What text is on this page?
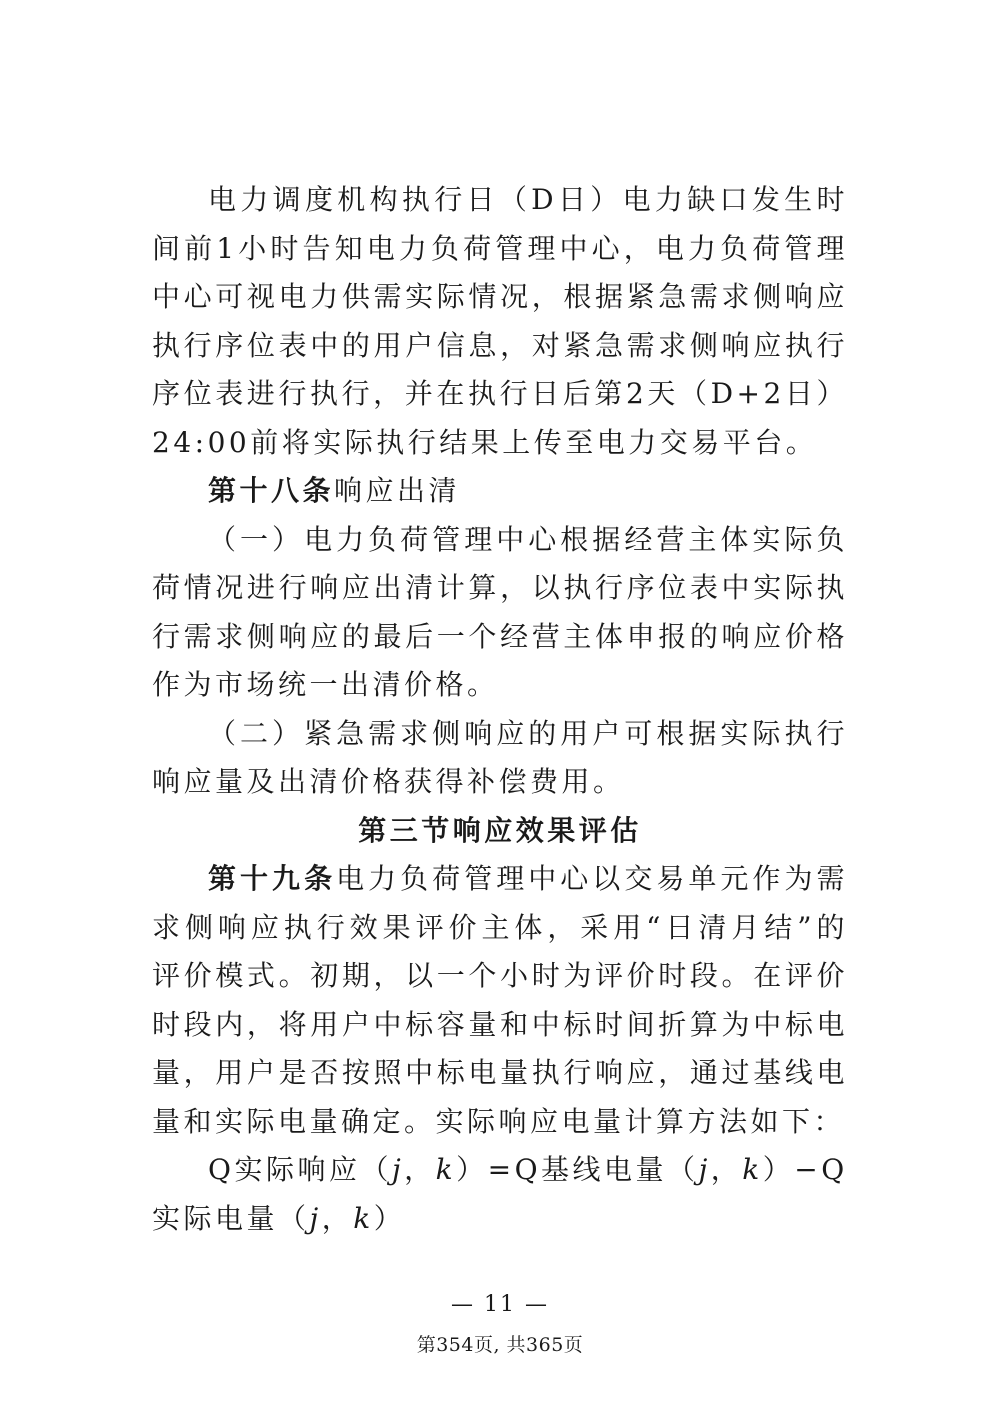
电力调度机构执行日（D日）电力缺口发生时间前1小时告知电力负荷管理中心，电力负荷管理中心可视电力供需实际情况，根据紧急需求侧响应执行序位表中的用户信息，对紧急需求侧响应执行序位表进行执行，并在执行日后第2天（D+2日）24:00前将实际执行结果上传至电力交易平台。

第十八条响应出清

（一）电力负荷管理中心根据经营主体实际负荷情况进行响应出清计算，以执行序位表中实际执行需求侧响应的最后一个经营主体申报的响应价格作为市场统一出清价格。

（二）紧急需求侧响应的用户可根据实际执行响应量及出清价格获得补偿费用。

第三节响应效果评估

第十九条电力负荷管理中心以交易单元作为需求侧响应执行效果评价主体，采用“日清月结”的评价模式。初期，以一个小时为评价时段。在评价时段内，将用户中标容量和中标时间折算为中标电量，用户是否按照中标电量执行响应，通过基线电量和实际电量确定。实际响应电量计算方法如下：

Q实际响应（j，k）=Q基线电量（j，k）−Q实际电量（j，k）

— 11 —
第354页, 共365页
